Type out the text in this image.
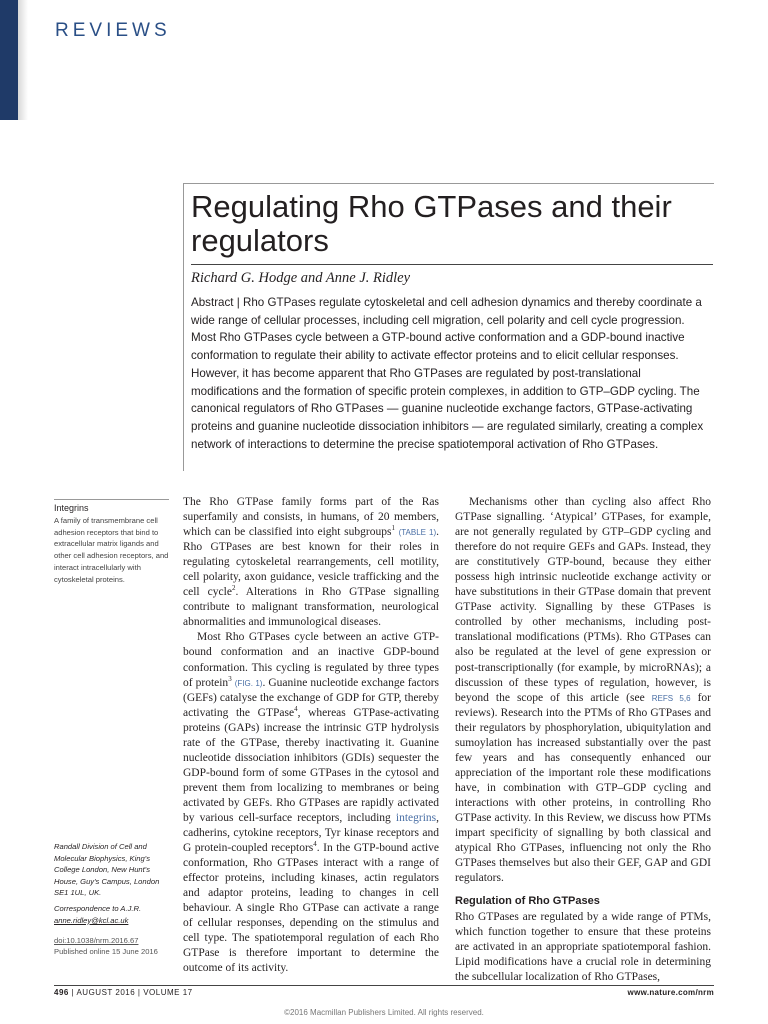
REVIEWS
Regulating Rho GTPases and their regulators
Richard G. Hodge and Anne J. Ridley

Abstract | Rho GTPases regulate cytoskeletal and cell adhesion dynamics and thereby coordinate a wide range of cellular processes, including cell migration, cell polarity and cell cycle progression. Most Rho GTPases cycle between a GTP-bound active conformation and a GDP-bound inactive conformation to regulate their ability to activate effector proteins and to elicit cellular responses. However, it has become apparent that Rho GTPases are regulated by post-translational modifications and the formation of specific protein complexes, in addition to GTP–GDP cycling. The canonical regulators of Rho GTPases — guanine nucleotide exchange factors, GTPase-activating proteins and guanine nucleotide dissociation inhibitors — are regulated similarly, creating a complex network of interactions to determine the precise spatiotemporal activation of Rho GTPases.

Integrins

A family of transmembrane cell adhesion receptors that bind to extracellular matrix ligands and other cell adhesion receptors, and interact intracellularly with cytoskeletal proteins.

Randall Division of Cell and Molecular Biophysics, King's College London, New Hunt's House, Guy's Campus, London SE1 1UL, UK.

Correspondence to A.J.R.
anne.ridley@kcl.ac.uk

doi:10.1038/nrm.2016.67
Published online 15 June 2016

The Rho GTPase family forms part of the Ras superfamily and consists, in humans, of 20 members, which can be classified into eight subgroups$^1$ (TABLE 1). Rho GTPases are best known for their roles in regulating cytoskeletal rearrangements, cell motility, cell polarity, axon guidance, vesicle trafficking and the cell cycle$^2$. Alterations in Rho GTPase signalling contribute to malignant transformation, neurological abnormalities and immunological diseases.

Most Rho GTPases cycle between an active GTP-bound conformation and an inactive GDP-bound conformation. This cycling is regulated by three types of protein$^3$ (FIG. 1). Guanine nucleotide exchange factors (GEFs) catalyse the exchange of GDP for GTP, thereby activating the GTPase$^4$, whereas GTPase-activating proteins (GAPs) increase the intrinsic GTP hydrolysis rate of the GTPase, thereby inactivating it. Guanine nucleotide dissociation inhibitors (GDIs) sequester the GDP-bound form of some GTPases in the cytosol and prevent them from localizing to membranes or being activated by GEFs. Rho GTPases are rapidly activated by various cell-surface receptors, including integrins, cadherins, cytokine receptors, Tyr kinase receptors and G protein-coupled receptors$^4$. In the GTP-bound active conformation, Rho GTPases interact with a range of effector proteins, including kinases, actin regulators and adaptor proteins, leading to changes in cell behaviour. A single Rho GTPase can activate a range of cellular responses, depending on the stimulus and cell type. The spatiotemporal regulation of each Rho GTPase is therefore important to determine the outcome of its activity.

Mechanisms other than cycling also affect Rho GTPase signalling. ‘Atypical’ GTPases, for example, are not generally regulated by GTP–GDP cycling and therefore do not require GEFs and GAPs. Instead, they are constitutively GTP-bound, because they either possess high intrinsic nucleotide exchange activity or have substitutions in their GTPase domain that prevent GTPase activity. Signalling by these GTPases is controlled by other mechanisms, including post-translational modifications (PTMs). Rho GTPases can also be regulated at the level of gene expression or post-transcriptionally (for example, by microRNAs); a discussion of these types of regulation, however, is beyond the scope of this article (see REFS 5,6 for reviews). Research into the PTMs of Rho GTPases and their regulators by phosphorylation, ubiquitylation and sumoylation has increased substantially over the past few years and has consequently enhanced our appreciation of the important role these modifications have, in combination with GTP–GDP cycling and interactions with other proteins, in controlling Rho GTPase activity. In this Review, we discuss how PTMs impart specificity of signalling by both classical and atypical Rho GTPases, influencing not only the Rho GTPases themselves but also their GEF, GAP and GDI regulators.

Regulation of Rho GTPases

Rho GTPases are regulated by a wide range of PTMs, which function together to ensure that these proteins are activated in an appropriate spatiotemporal fashion. Lipid modifications have a crucial role in determining the subcellular localization of Rho GTPases,

496 | AUGUST 2016 | VOLUME 17	www.nature.com/nrm
©2016 Macmillan Publishers Limited. All rights reserved.
